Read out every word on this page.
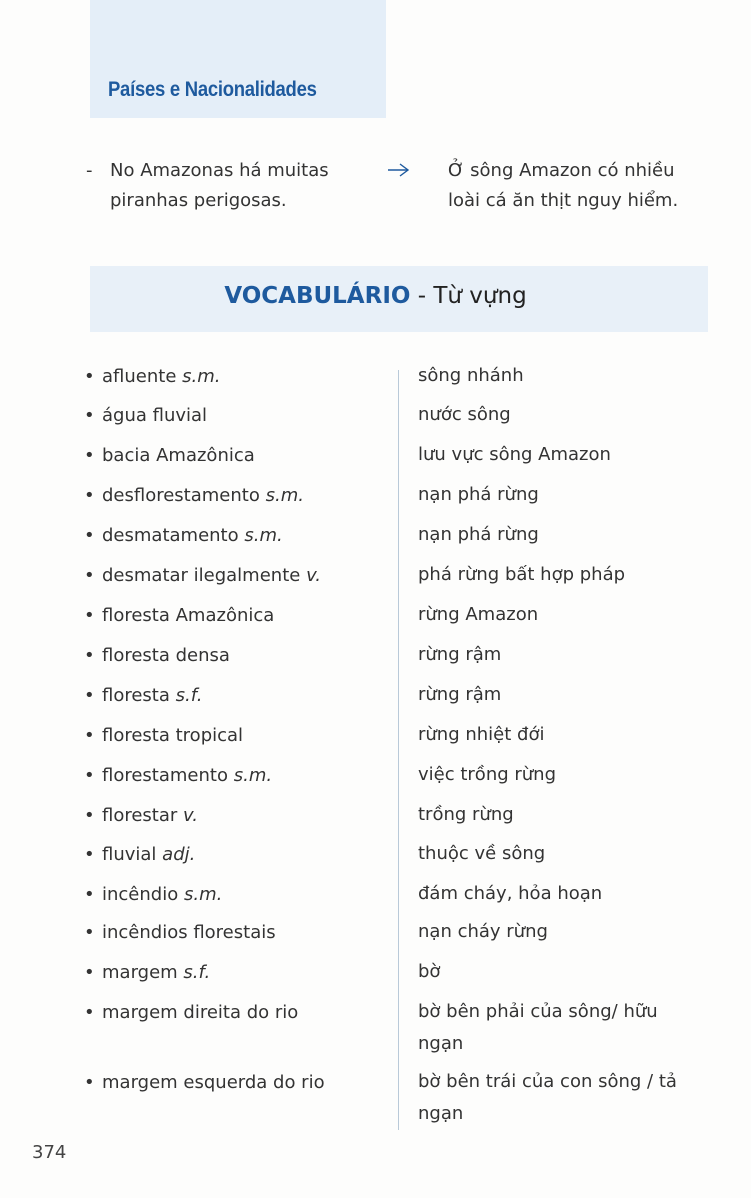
Países e Nacionalidades
- No Amazonas há muitas piranhas perigosas.
Ở sông Amazon có nhiều loài cá ăn thịt nguy hiểm.
VOCABULÁRIO - Từ vựng
• afluente s.m.	sông nhánh
• água fluvial	nước sông
• bacia Amazônica	lưu vực sông Amazon
• desflorestamento s.m.	nạn phá rừng
• desmatamento s.m.	nạn phá rừng
• desmatar ilegalmente v.	phá rừng bất hợp pháp
• floresta Amazônica	rừng Amazon
• floresta densa	rừng rậm
• floresta s.f.	rừng rậm
• floresta tropical	rừng nhiệt đới
• florestamento s.m.	việc trồng rừng
• florestar v.	trồng rừng
• fluvial adj.	thuộc về sông
• incêndio s.m.	đám cháy, hỏa hoạn
• incêndios florestais	nạn cháy rừng
• margem s.f.	bờ
• margem direita do rio	bờ bên phải của sông/ hữu ngạn
• margem esquerda do rio	bờ bên trái của con sông / tả ngạn
374
